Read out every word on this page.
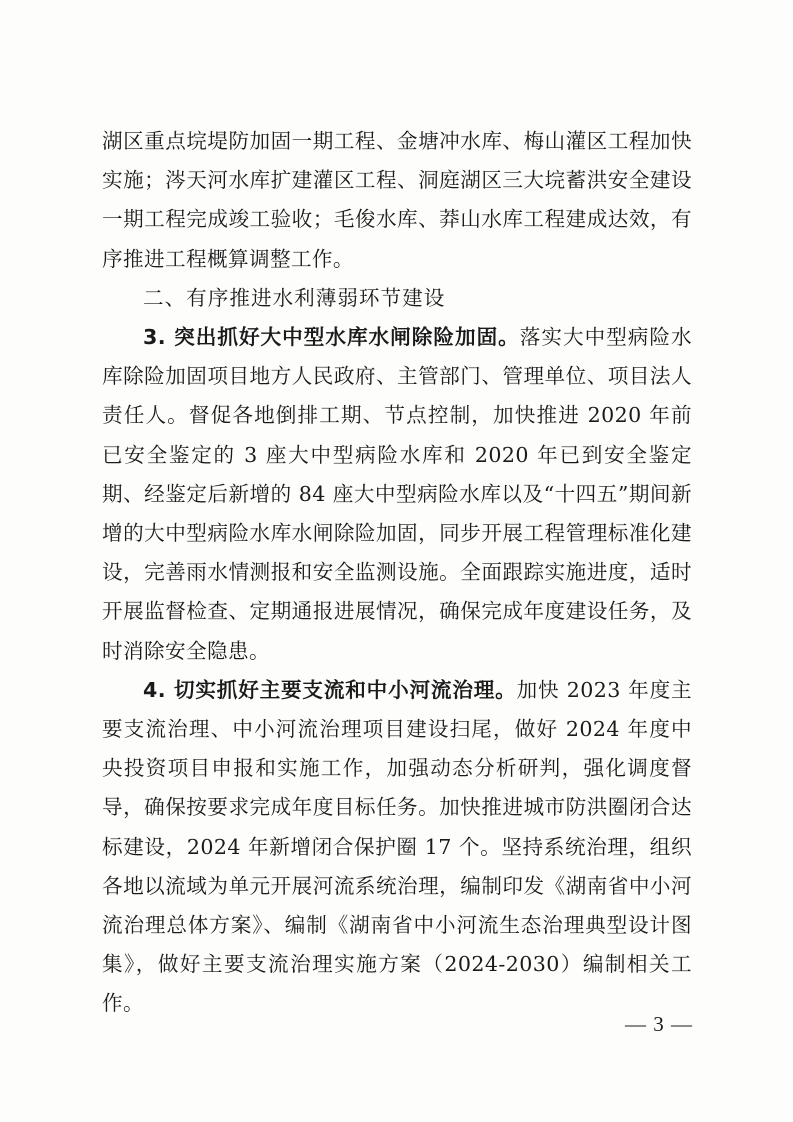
湖区重点垸堤防加固一期工程、金塘冲水库、梅山灌区工程加快实施；涔天河水库扩建灌区工程、洞庭湖区三大垸蓄洪安全建设一期工程完成竣工验收；毛俊水库、莽山水库工程建成达效，有序推进工程概算调整工作。

二、有序推进水利薄弱环节建设

3. 突出抓好大中型水库水闸除险加固。落实大中型病险水库除险加固项目地方人民政府、主管部门、管理单位、项目法人责任人。督促各地倒排工期、节点控制，加快推进 2020 年前已安全鉴定的 3 座大中型病险水库和 2020 年已到安全鉴定期、经鉴定后新增的 84 座大中型病险水库以及“十四五”期间新增的大中型病险水库水闸除险加固，同步开展工程管理标准化建设，完善雨水情测报和安全监测设施。全面跟踪实施进度，适时开展监督检查、定期通报进展情况，确保完成年度建设任务，及时消除安全隐患。

4. 切实抓好主要支流和中小河流治理。加快 2023 年度主要支流治理、中小河流治理项目建设扫尾，做好 2024 年度中央投资项目申报和实施工作，加强动态分析研判，强化调度督导，确保按要求完成年度目标任务。加快推进城市防洪圈闭合达标建设，2024 年新增闭合保护圈 17 个。坚持系统治理，组织各地以流域为单元开展河流系统治理，编制印发《湖南省中小河流治理总体方案》、编制《湖南省中小河流生态治理典型设计图集》，做好主要支流治理实施方案（2024-2030）编制相关工作。

— 3 —
